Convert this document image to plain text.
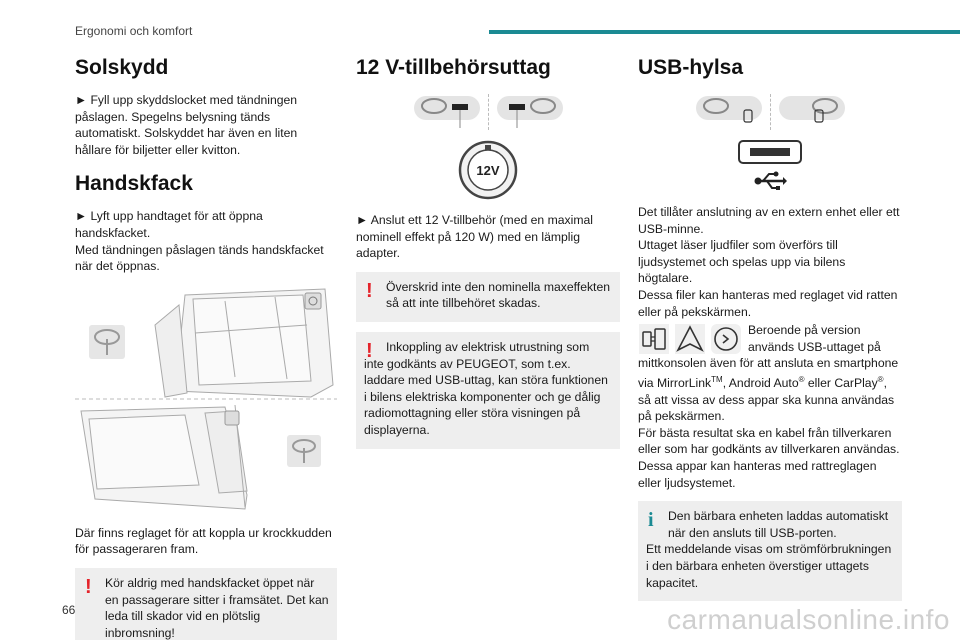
Ergonomi och komfort
Solskydd

► Fyll upp skyddslocket med tändningen påslagen. Spegelns belysning tänds automatiskt. Solskyddet har även en liten hållare för biljetter eller kvitton.

Handskfack

► Lyft upp handtaget för att öppna handskfacket.

Med tändningen påslagen tänds handskfacket när det öppnas.

Där finns reglaget för att koppla ur krockkudden för passageraren fram.

!	Kör aldrig med handskfacket öppet när en passagerare sitter i framsätet. Det kan leda till skador vid en plötslig inbromsning!

12 V-tillbehörsuttag
12V

► Anslut ett 12 V-tillbehör (med en maximal nominell effekt på 120 W) med en lämplig adapter.

!	Överskrid inte den nominella maxeffekten så att inte tillbehöret skadas.

!	Inkoppling av elektrisk utrustning som inte godkänts av PEUGEOT, som t.ex. laddare med USB-uttag, kan störa funktionen i bilens elektriska komponenter och ge dålig radiomottagning eller störa visningen på displayerna.

USB-hylsa

Det tillåter anslutning av en extern enhet eller ett USB-minne.

Uttaget läser ljudfiler som överförs till ljudsystemet och spelas upp via bilens högtalare.

Dessa filer kan hanteras med reglaget vid ratten eller på pekskärmen.

Beroende på version används USB-uttaget på mittkonsolen även för att ansluta en smartphone via MirrorLink™, Android Auto® eller CarPlay®, så att vissa av dess appar ska kunna användas på pekskärmen.

För bästa resultat ska en kabel från tillverkaren eller som har godkänts av tillverkaren användas.

Dessa appar kan hanteras med rattreglagen eller ljudsystemet.

i	Den bärbara enheten laddas automatiskt när den ansluts till USB-porten.

Ett meddelande visas om strömförbrukningen i den bärbara enheten överstiger uttagets kapacitet.

66	carmanualsonline.info
